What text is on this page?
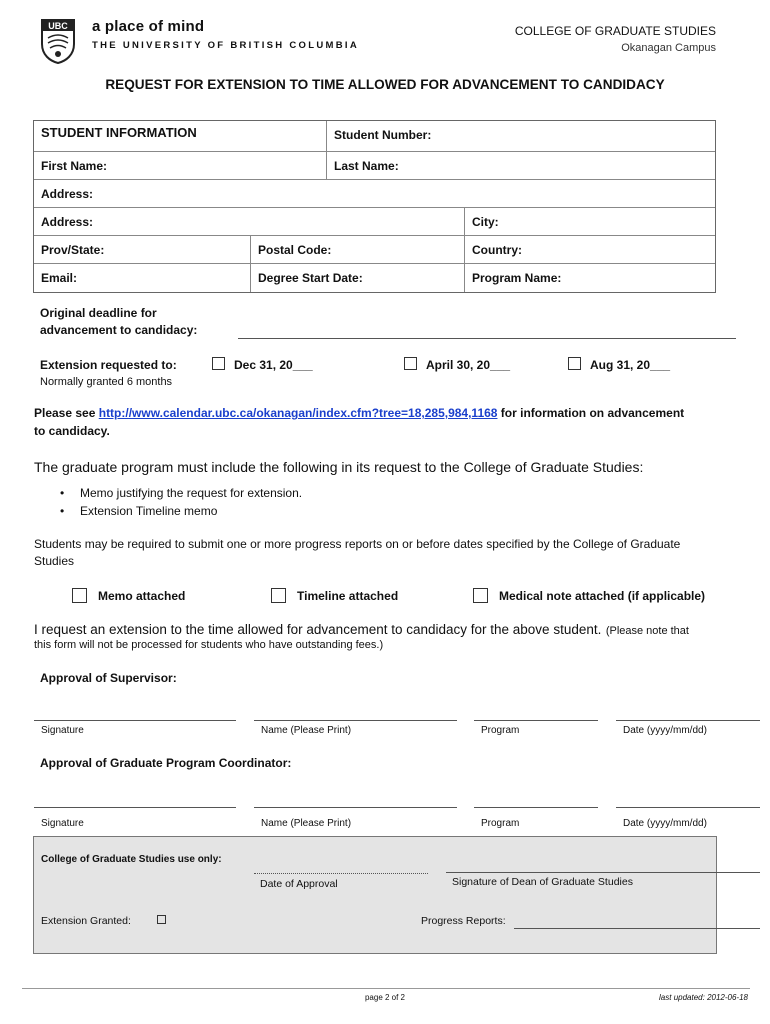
UBC a place of mind
THE UNIVERSITY OF BRITISH COLUMBIA
COLLEGE OF GRADUATE STUDIES
Okanagan Campus
REQUEST FOR EXTENSION TO TIME ALLOWED FOR ADVANCEMENT TO CANDIDACY
STUDENT INFORMATION	Student Number:
First Name:	Last Name:
Address:
Address:	City:
Prov/State:	Postal Code:	Country:
Email:	Degree Start Date:	Program Name:
Original deadline for
advancement to candidacy:
Extension requested to:
Normally granted 6 months
Dec 31, 20___	April 30, 20___	Aug 31, 20___
Please see http://www.calendar.ubc.ca/okanagan/index.cfm?tree=18,285,984,1168 for information on advancement
to candidacy.
The graduate program must include the following in its request to the College of Graduate Studies:
• Memo justifying the request for extension.
• Extension Timeline memo
Students may be required to submit one or more progress reports on or before dates specified by the College of Graduate
Studies
Memo attached	Timeline attached	Medical note attached (if applicable)
I request an extension to the time allowed for advancement to candidacy for the above student. (Please note that
this form will not be processed for students who have outstanding fees.)
Approval of Supervisor:
Signature	Name (Please Print)	Program	Date (yyyy/mm/dd)
Approval of Graduate Program Coordinator:
Signature	Name (Please Print)	Program	Date (yyyy/mm/dd)
College of Graduate Studies use only:
Date of Approval	Signature of Dean of Graduate Studies
Extension Granted:	Progress Reports:
page 2 of 2	last updated: 2012-06-18
